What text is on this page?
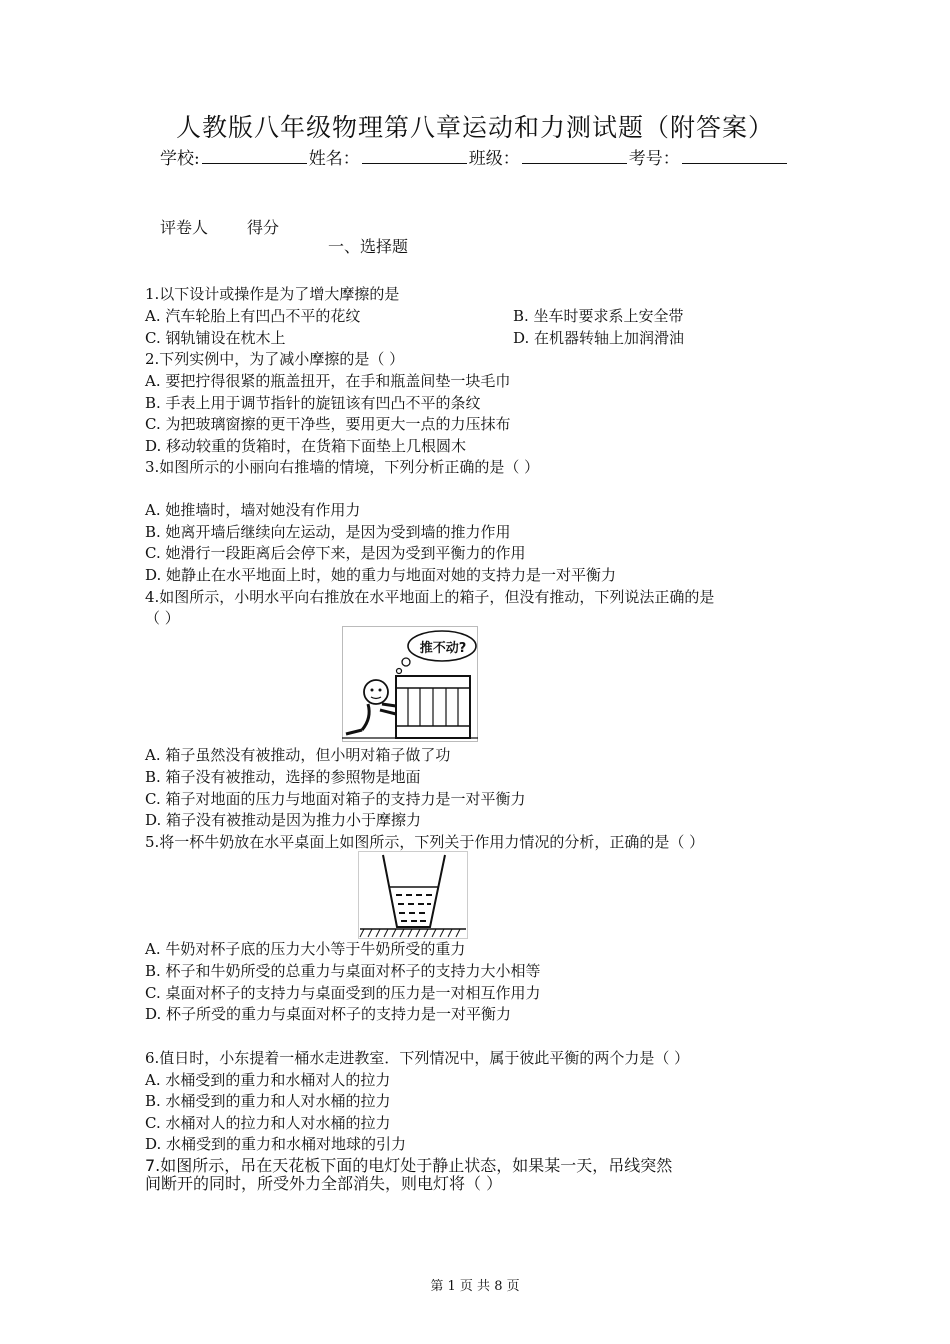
人教版八年级物理第八章运动和力测试题（附答案）
学校:	姓名：	班级：	考号：
评卷人 得分
一、选择题
1.以下设计或操作是为了增大摩擦的是
A. 汽车轮胎上有凹凸不平的花纹	B. 坐车时要求系上安全带
C. 钢轨铺设在枕木上	D. 在机器转轴上加润滑油
2.下列实例中，为了减小摩擦的是（ ）
A. 要把拧得很紧的瓶盖扭开，在手和瓶盖间垫一块毛巾
B. 手表上用于调节指针的旋钮该有凹凸不平的条纹
C. 为把玻璃窗擦的更干净些，要用更大一点的力压抹布
D. 移动较重的货箱时，在货箱下面垫上几根圆木
3.如图所示的小丽向右推墙的情境，下列分析正确的是（ ）
A. 她推墙时，墙对她没有作用力
B. 她离开墙后继续向左运动，是因为受到墙的推力作用
C. 她滑行一段距离后会停下来，是因为受到平衡力的作用
D. 她静止在水平地面上时，她的重力与地面对她的支持力是一对平衡力
4.如图所示，小明水平向右推放在水平地面上的箱子，但没有推动，下列说法正确的是
（ ）
推不动?
A. 箱子虽然没有被推动，但小明对箱子做了功
B. 箱子没有被推动，选择的参照物是地面
C. 箱子对地面的压力与地面对箱子的支持力是一对平衡力
D. 箱子没有被推动是因为推力小于摩擦力
5.将一杯牛奶放在水平桌面上如图所示，下列关于作用力情况的分析，正确的是（ ）
A. 牛奶对杯子底的压力大小等于牛奶所受的重力
B. 杯子和牛奶所受的总重力与桌面对杯子的支持力大小相等
C. 桌面对杯子的支持力与桌面受到的压力是一对相互作用力
D. 杯子所受的重力与桌面对杯子的支持力是一对平衡力
6.值日时，小东提着一桶水走进教室．下列情况中，属于彼此平衡的两个力是（ ）
A. 水桶受到的重力和水桶对人的拉力
B. 水桶受到的重力和人对水桶的拉力
C. 水桶对人的拉力和人对水桶的拉力
D. 水桶受到的重力和水桶对地球的引力
7.如图所示，吊在天花板下面的电灯处于静止状态，如果某一天，吊线突然
间断开的同时，所受外力全部消失，则电灯将（ ）
第 1 页 共 8 页
